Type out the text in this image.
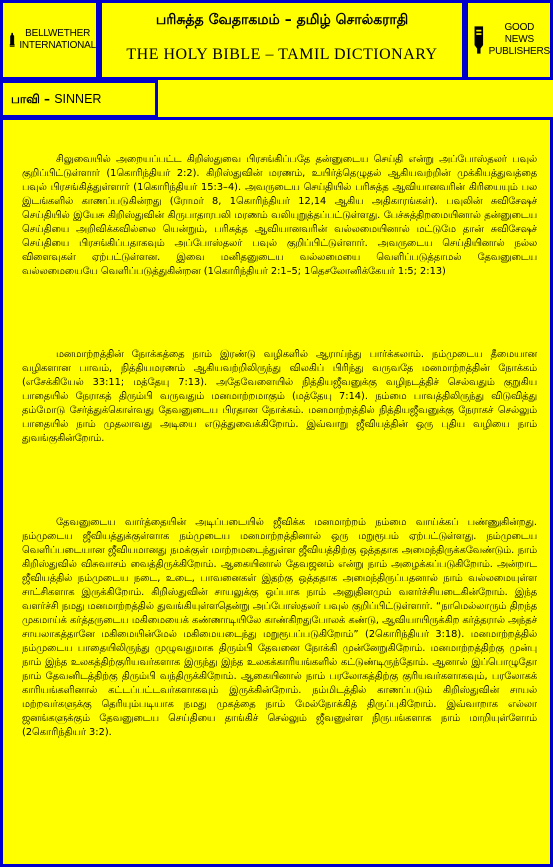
BELLWETHER
INTERNATIONAL
பரிசுத்த வேதாகமம் – தமிழ் சொல்கராதி
THE HOLY BIBLE – TAMIL DICTIONARY
GOOD NEWS
PUBLISHERS
பாவி – SINNER
சிலுவையில் அறையப்பட்ட கிறிஸ்துவை பிரசங்கிப்பதே தன்னுடைய செய்தி என்று அப்போஸ்தலர் பவுல் குறிப்பிட்டுள்ளார் (1கொரிந்தியர் 2:2). கிறிஸ்துவின் மரணம், உயிர்த்தெழுதல் ஆகியவற்றின் முக்கியத்துவத்தை பவுல் பிரசங்கித்துள்ளார் (1கொரிந்தியர் 15:3–4). அவருடைய செய்தியில் பரிசுத்த ஆவியானவரின் கிரியையும் பல இடங்களில் காணப்படுகின்றது (ரோமர் 8, 1கொரிந்தியர் 12,14 ஆகிய அதிகாரங்கள்). பவுலின் சுவிசேஷச் செய்தியில் இயேசு கிறிஸ்துவின் கிருபாதாரபலி மரணம் வலியுறுத்தப்பட்டுள்ளது. பேச்சுத்திறமையினால் தன்னுடைய செய்தியை அறிவிக்கவில்லை யென்றும், பரிசுத்த ஆவியானவரின் வல்லமையினால் மட்டுமே தான் சுவிசேஷச் செய்தியை பிரசங்கிப்பதாகவும் அப்போஸ்தலர் பவுல் குறிப்பிட்டுள்ளார். அவருடைய செய்தியினால் நல்ல விளைவுகள் ஏற்பட்டுள்ளன. இவை மனிதனுடைய வல்லமையை வெளிப்படுத்தாமல் தேவனுடைய வல்லமையையே வெளிப்படுத்துகின்றன (1கொரிந்தியர் 2:1–5; 1தெசலோனிக்கேயர் 1:5; 2:13)
மனமாற்றத்தின் நோக்கத்தை நாம் இரண்டு வழிகளில் ஆராய்ந்து பார்க்கலாம். நம்முடைய தீமையான வழிகளான பாவம், நித்தியமரணம் ஆகியவற்றிலிருந்து விலகிப் பிரிந்து வருவதே மனமாற்றத்தின் நோக்கம் (எசேக்கியேல் 33:11; மத்தேயு 7:13). அதேவேளையில் நித்தியஜீவனுக்கு வழிநடத்திச் செல்வதும் குறுகிய பாதையில் நேராகத் திரும்பி வருவதும் மனமாற்றமாகும் (மத்தேயு 7:14). நம்மை பாவத்திலிருந்து விடுவித்து தம்மோடு சேர்த்துக்கொள்வது தேவனுடைய பிரதான நோக்கம். மனமாற்றத்தில் நித்தியஜீவனுக்கு நேராகச் செல்லும் பாதையில் நாம் முதலாவது அடியை எடுத்துவைக்கிறோம். இவ்வாறு ஜீவியத்தின் ஒரு புதிய வழியை நாம் துவங்குகின்றோம்.
தேவனுடைய வார்த்தையின் அடிப்படையில் ஜீவிக்க மனமாற்றம் நம்மை வாய்க்கப் பண்ணுகின்றது. நம்முடைய ஜீவியத்துக்குள்ளாக நம்முடைய மனமாற்றத்தினால் ஒரு மறுரூபம் ஏற்பட்டுள்ளது. நம்முடைய வெளிப்படையான ஜீவியமானது நமக்குள் மாற்றமடைந்துள்ள ஜீவியத்திற்கு ஒத்ததாக அமைந்திருக்கவேண்டும். நாம் கிறிஸ்துவில் விசுவாசம் வைத்திருக்கிறோம். ஆகையினால் தேவஜனம் என்று நாம் அழைக்கப்படுகிறோம். அன்றாட ஜீவியத்தில் நம்முடைய நடை, உடை, பாவனைகள் இதற்கு ஒத்ததாக அமைந்திருப்பதனால் நாம் வல்லமையுள்ள சாட்சிகளாக இருக்கிறோம். கிறிஸ்துவின் சாயலுக்கு ஒப்பாக நாம் அனுதினமும் வளர்ச்சியடைகின்றோம். இந்த வளர்ச்சி நமது மனமாற்றத்தில் துவங்கியுள்ளதென்று அப்போஸ்தலர் பவுல் குறிப்பிட்டுள்ளார். “நாமெல்லாரும் திறந்த முகமாய்க் கர்த்தருடைய மகிமையைக் கண்ணாடியிலே காண்கிறதுபோலக் கண்டு, ஆவியாயிருக்கிற கர்த்தரால் அந்தச் சாயலாகத்தானே மகிமையின்மேல் மகிமையடைந்து மறுரூபப்படுகிறோம்” (2கொரிந்தியர் 3:18). மனமாற்றத்தில் நம்முடைய பாதையிலிருந்து முழுவதுமாக திரும்பி தேவனை நோக்கி முன்னேறுகிறோம். மனமாற்றத்திற்கு முன்பு நாம் இந்த உலகத்திற்குரியவர்களாக இருந்து இந்த உலகக்காரியங்களில் கட்டுண்டிருந்தோம். ஆனால் இப்பொழுதோ நாம் தேவனிடத்திற்கு திரும்பி வந்திருக்கிறோம். ஆகையினால் நாம் பரலோகத்திற்கு குரியவர்களாகவும், பரலோகக் காரியங்களினால் கட்டப்பட்டவர்களாகவும் இருக்கின்றோம். நம்மிடத்தில் காணப்படும் கிறிஸ்துவின் சாயல் மற்றவர்களுக்கு தெரியும்படியாக நமது முகத்தை நாம் மேல்நோக்கித் திருப்புகிறோம். இவ்வாறாக எல்லா ஜனங்களுக்கும் தேவனுடைய செய்தியை தாங்கிச் செல்லும் ஜீவனுள்ள நிருபங்களாக நாம் மாறியுள்ளோம் (2கொரிந்தியர் 3:2).
